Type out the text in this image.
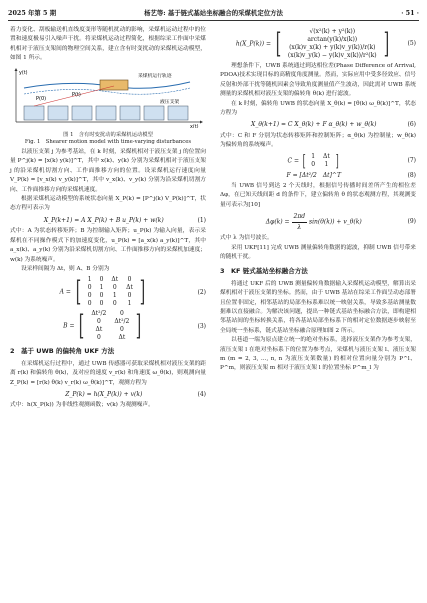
2025 年第 5 期	杨艺等: 基于链式基站坐标融合的采煤机定位方法	· 51 ·

着力变化、刮板输送机直线度变形等随机扰动的影响，采煤机运动过程中的位置和速度极易引入噪声干扰。将采煤机运动过程简化，根据综采工作面中采煤机相对于液压支架间的物理空间关系，建立含有时变扰动的采煤机运动模型，如图 1 所示。

P(0)
P(t)
采煤机运行轨迹
液压支架
x(t)
y(t)
图 1　含有时变扰动的采煤机运动模型
Fig. 1　Shearer motion model with time-varying disturbances

以液压支架 j 为参考基站，在 k 时刻，采煤机相对于液压支架 j 的位置向量 P^j(k) = [x(k) y(k)]^T，其中 x(k)、y(k) 分别为采煤机相对于液压支架 j 的沿采煤机切割方向、工作面推移方向的位置。设采煤机运行速度向量 V_P(k) = [v_x(k) v_y(k)]^T，其中 v_x(k)、v_y(k) 分别为沿采煤机切割方向、工作面推移方向的采煤机速度。

根据采煤机运动模型的系统状态向量 X_P(k) = [P^j(k) V_P(k)]^T，状态方程可表示为

X_P(k+1) = A X_P(k) + B u_P(k) + w(k)	(1)

式中：A 为状态转移矩阵；B 为控制输入矩阵；u_P(k) 为输入向量，表示采煤机在不同操作模式下的加速度变化，u_P(k) = [a_x(k) a_y(k)]^T，其中 a_x(k)、a_y(k) 分别为沿采煤机切割方向、工作面推移方向的采煤机加速度；w(k) 为系统噪声。

设采样间隔为 Δt，则 A、B 分别为

A = [ 1	0	Δt	0
0	1	0	Δt
0	0	1	0
0	0	0	1 ]	(2)
B = [ Δt²/2	0
0	Δt²/2
Δt	0
0	Δt ]	(3)
2　基于 UWB 的偏转角 UKF 方法

在采煤机运行过程中，通过 UWB 传感器可获取采煤机相对液压支架的距离 r(k) 和偏转角 θ(k)，及对应的速度 v_r(k) 和角速度 ω_θ(k)，则观测向量 Z_P(k) = [r(k) θ(k) v_r(k) ω_θ(k)]^T，观测方程为

Z_P(k) = h(X_P(k)) + v(k)	(4)

式中：h(X_P(k)) 为非线性观测函数；v(k) 为观测噪声。

h(X_P(k)) = [	√(x²(k) + y²(k))
arctan(y(k)/x(k))
(x(k)v_x(k) + y(k)v_y(k))/r(k)
(x(k)v_y(k) − y(k)v_x(k))/r²(k) ]	(5)

理想条件下，UWB 系统通过到达相位差(Phase Difference of Arrival, PDOA)技术实现目标的高精度角度测量。然而，实际应用中受多径效应、信号反射和外部干扰等随机因素会导致角度测量值产生波动，因此需对 UWB 系统测量的采煤机相对液压支架的偏转角 θ(k) 进行滤波。

在 k 时刻，偏转角 UWB 的状态向量 X_θ(k) = [θ(k) ω_θ(k)]^T，状态方程为

X_θ(k+1) = C X_θ(k) + F α_θ(k) + w_θ(k)	(6)

式中：C 和 F 分别为状态转移矩阵和控制矩阵；α_θ(k) 为控制量；w_θ(k) 为偏转角的系统噪声。

C = [ 1	Δt
0	1 ]	(7)
F = [Δt²/2　Δt]^T	(8)

当 UWB 信号到达 2 个天线时，根据信号传播时间差所产生的相位差 Δφ，在已知天线间距 d 的条件下，建立偏转角 θ 的状态观测方程，其观测变量可表示为[10]

$\Delta\varphi(k) = \frac{2\pi d}{\lambda} \sin(\theta(k))$ + v_θ(k)	(9)

式中 λ 为信号波长。

采用 UKF[11] 完成 UWB 测量偏转角数据的滤波，抑制 UWB 信号带来的随机干扰。

3　KF 链式基站坐标融合方法

将通过 UKF 后的 UWB 测量偏转角数据输入采煤机运动模型，解算出采煤机相对于液压支架的坐标。然而，由于 UWB 基站在综采工作面呈动态部署且位置非固定，相邻基站的局部坐标系难以统一映射关系，导致多基站测量数据难以直接融合。为解决该问题，提出一种链式基站坐标融合方法，即构建相邻基站间的坐标转换关系，将各基站局部坐标系下的相对定位数据逐步映射至全局统一坐标系，链式基站坐标融合原理如图 2 所示。

以巷道一端为原点建立统一的绝对坐标系，选择液压支架作为参考支架，液压支架 l 在绝对坐标系下的位置为参考点，采煤机与液压支架 l、液压支架 m (m = 2, 3, …, n, n 为液压支架数量) 的相对位置向量分别为 P^l、P^m，则液压支架 m 相对于液压支架 l 的位置坐标 P^m_l 为
